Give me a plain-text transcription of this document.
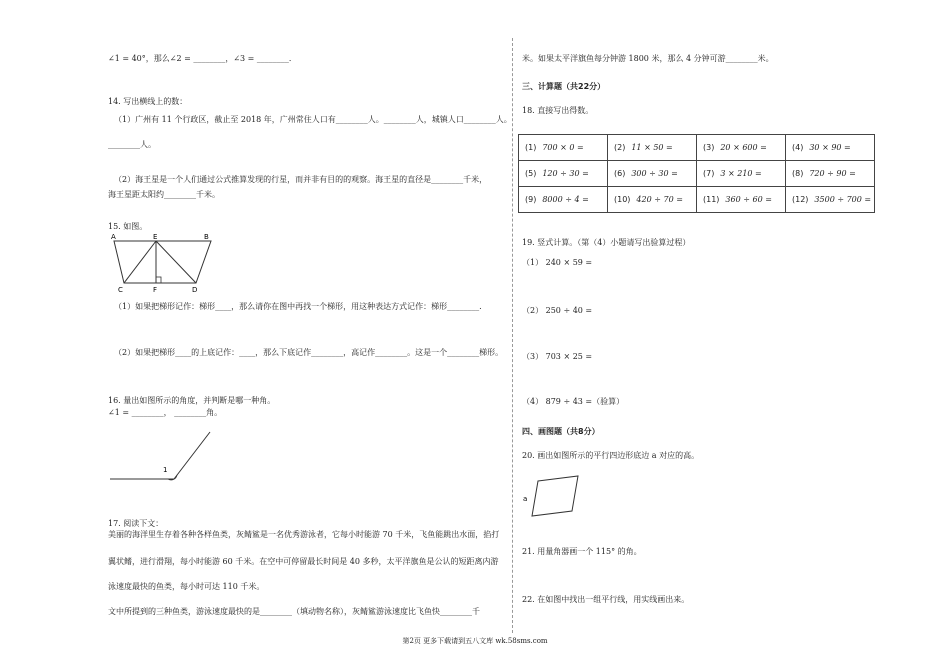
∠1 = 40°，那么∠2 = ________，∠3 = ________．
14. 写出横线上的数：
（1）广州有 11 个行政区，截止至 2018 年，广州常住人口有________人。________人，城镇人口________人。
________人。
（2）海王星是一个人们通过公式推算发现的行星，而并非有目的的观察。海王星的直径是________千米，
海王星距太阳约________千米。
15. 如图。
A	E	B
C	F	D
（1）如果把梯形记作：梯形____，那么请你在图中再找一个梯形，用这种表达方式记作：梯形________.
（2）如果把梯形____的上底记作：____，那么下底记作________，高记作________。这是一个________梯形。
16. 量出如图所示的角度，并判断是哪一种角。
∠1 = ________， ________角。
1
17. 阅读下文：
美丽的海洋里生存着各种各样鱼类，灰鲭鲨是一名优秀游泳者，它每小时能游 70 千米，飞鱼能跳出水面，掐打
翼状鳍，进行滑翔，每小时能游 60 千米。在空中可停留最长时间是 40 多秒，太平洋旗鱼是公认的短距离内游
泳速度最快的鱼类，每小时可达 110 千米。
文中所提到的三种鱼类，游泳速度最快的是________（填动物名称），灰鲭鲨游泳速度比飞鱼快________千
米。如果太平洋旗鱼每分钟游 1800 米，那么 4 分钟可游________米。
三、计算题（共22分）
18. 直接写出得数。
(1) 700 × 0 =	(2) 11 × 50 =	(3) 20 × 600 =	(4) 30 × 90 =
(5) 120 ÷ 30 =	(6) 300 ÷ 30 =	(7) 3 × 210 =	(8) 720 ÷ 90 =
(9) 8000 ÷ 4 =	(10) 420 ÷ 70 =	(11) 360 ÷ 60 =	(12) 3500 ÷ 700 =
19. 竖式计算。（第（4）小题请写出验算过程）
（1） 240 × 59 =
（2） 250 ÷ 40 =
（3） 703 × 25 =
（4） 879 ÷ 43 =（验算）
四、画图题（共8分）
20. 画出如图所示的平行四边形底边 a 对应的高。
a
21. 用量角器画一个 115° 的角。
22. 在如图中找出一组平行线，用实线画出来。
第2页 更多下载请到五八文库 wk.58sms.com
